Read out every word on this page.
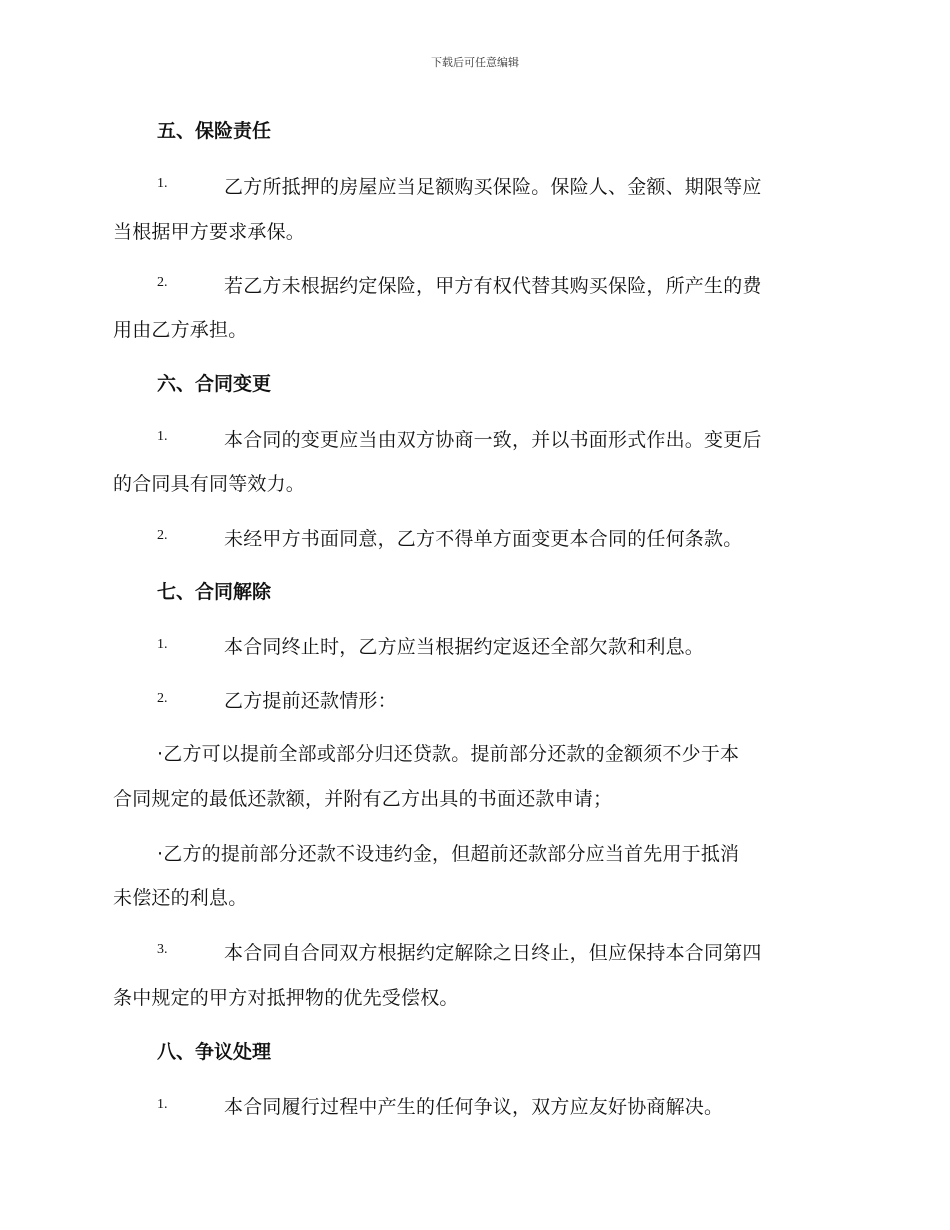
下载后可任意编辑
五、保险责任
1.	乙方所抵押的房屋应当足额购买保险。保险人、金额、期限等应
当根据甲方要求承保。
2.	若乙方未根据约定保险，甲方有权代替其购买保险，所产生的费
用由乙方承担。
六、合同变更
1.	本合同的变更应当由双方协商一致，并以书面形式作出。变更后
的合同具有同等效力。
2.	未经甲方书面同意，乙方不得单方面变更本合同的任何条款。
七、合同解除
1.	本合同终止时，乙方应当根据约定返还全部欠款和利息。
2.	乙方提前还款情形：
·乙方可以提前全部或部分归还贷款。提前部分还款的金额须不少于本
合同规定的最低还款额，并附有乙方出具的书面还款申请；
·乙方的提前部分还款不设违约金，但超前还款部分应当首先用于抵消
未偿还的利息。
3.	本合同自合同双方根据约定解除之日终止，但应保持本合同第四
条中规定的甲方对抵押物的优先受偿权。
八、争议处理
1.	本合同履行过程中产生的任何争议，双方应友好协商解决。
